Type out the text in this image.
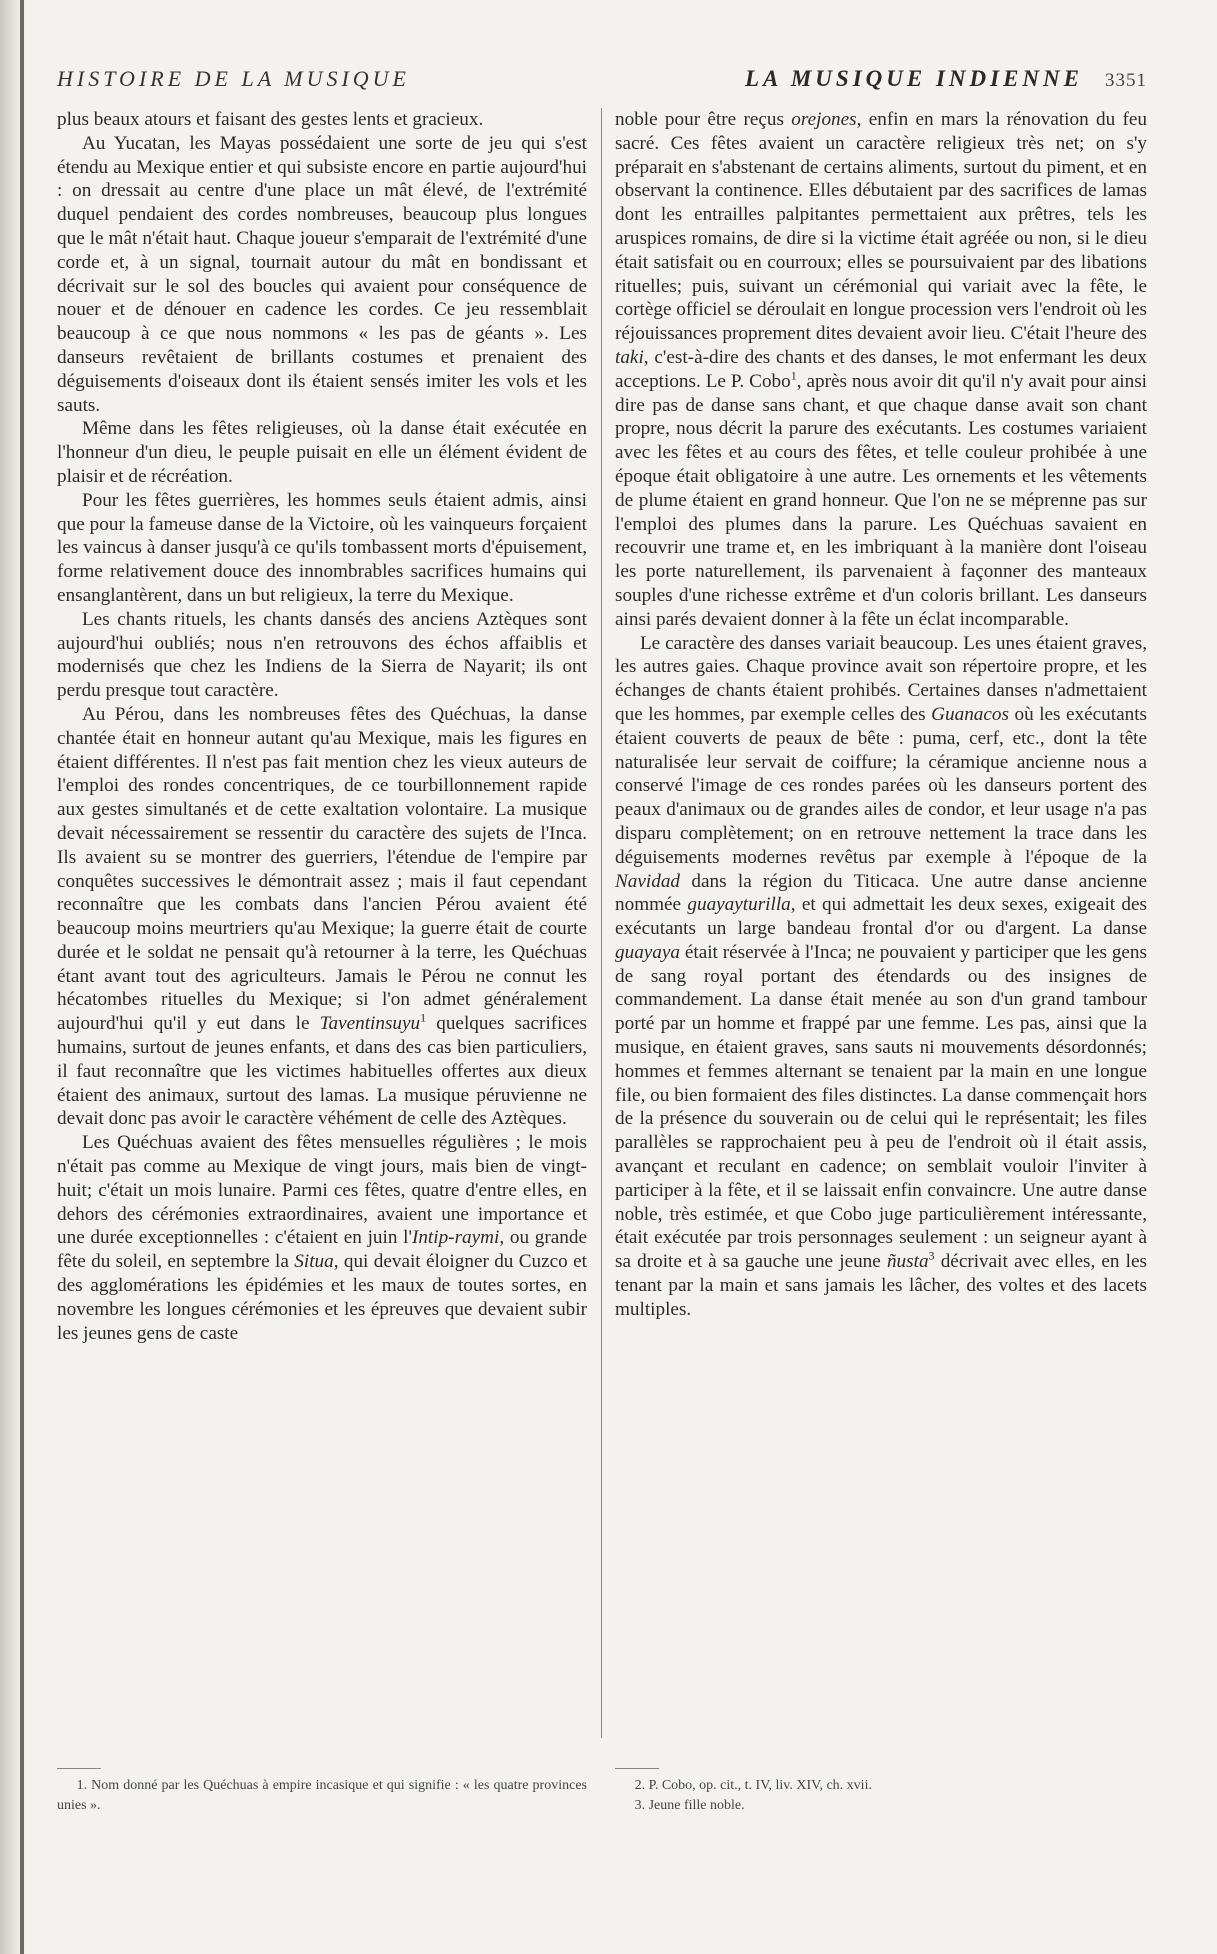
HISTOIRE DE LA MUSIQUE	LA MUSIQUE INDIENNE 3351

plus beaux atours et faisant des gestes lents et gracieux.

Au Yucatan, les Mayas possédaient une sorte de jeu qui s'est étendu au Mexique entier et qui subsiste encore en partie aujourd'hui : on dressait au centre d'une place un mât élevé, de l'extrémité duquel pendaient des cordes nombreuses, beaucoup plus longues que le mât n'était haut. Chaque joueur s'emparait de l'extrémité d'une corde et, à un signal, tournait autour du mât en bondissant et décrivait sur le sol des boucles qui avaient pour conséquence de nouer et de dénouer en cadence les cordes. Ce jeu ressemblait beaucoup à ce que nous nommons « les pas de géants ». Les danseurs revêtaient de brillants costumes et prenaient des déguisements d'oiseaux dont ils étaient sensés imiter les vols et les sauts.

Même dans les fêtes religieuses, où la danse était exécutée en l'honneur d'un dieu, le peuple puisait en elle un élément évident de plaisir et de récréation.

Pour les fêtes guerrières, les hommes seuls étaient admis, ainsi que pour la fameuse danse de la Victoire, où les vainqueurs forçaient les vaincus à danser jusqu'à ce qu'ils tombassent morts d'épuisement, forme relativement douce des innombrables sacrifices humains qui ensanglantèrent, dans un but religieux, la terre du Mexique.

Les chants rituels, les chants dansés des anciens Aztèques sont aujourd'hui oubliés; nous n'en retrouvons des échos affaiblis et modernisés que chez les Indiens de la Sierra de Nayarit; ils ont perdu presque tout caractère.

Au Pérou, dans les nombreuses fêtes des Quéchuas, la danse chantée était en honneur autant qu'au Mexique, mais les figures en étaient différentes. Il n'est pas fait mention chez les vieux auteurs de l'emploi des rondes concentriques, de ce tourbillonnement rapide aux gestes simultanés et de cette exaltation volontaire. La musique devait nécessairement se ressentir du caractère des sujets de l'Inca. Ils avaient su se montrer des guerriers, l'étendue de l'empire par conquêtes successives le démontrait assez ; mais il faut cependant reconnaître que les combats dans l'ancien Pérou avaient été beaucoup moins meurtriers qu'au Mexique; la guerre était de courte durée et le soldat ne pensait qu'à retourner à la terre, les Quéchuas étant avant tout des agriculteurs. Jamais le Pérou ne connut les hécatombes rituelles du Mexique; si l'on admet généralement aujourd'hui qu'il y eut dans le Taventinsuyu$^1$ quelques sacrifices humains, surtout de jeunes enfants, et dans des cas bien particuliers, il faut reconnaître que les victimes habituelles offertes aux dieux étaient des animaux, surtout des lamas. La musique péruvienne ne devait donc pas avoir le caractère véhément de celle des Aztèques.

Les Quéchuas avaient des fêtes mensuelles régulières ; le mois n'était pas comme au Mexique de vingt jours, mais bien de vingt-huit; c'était un mois lunaire. Parmi ces fêtes, quatre d'entre elles, en dehors des cérémonies extraordinaires, avaient une importance et une durée exceptionnelles : c'étaient en juin l'Intip-raymi, ou grande fête du soleil, en septembre la Situa, qui devait éloigner du Cuzco et des agglomérations les épidémies et les maux de toutes sortes, en novembre les longues cérémonies et les épreuves que devaient subir les jeunes gens de caste

noble pour être reçus orejones, enfin en mars la rénovation du feu sacré. Ces fêtes avaient un caractère religieux très net; on s'y préparait en s'abstenant de certains aliments, surtout du piment, et en observant la continence. Elles débutaient par des sacrifices de lamas dont les entrailles palpitantes permettaient aux prêtres, tels les aruspices romains, de dire si la victime était agréée ou non, si le dieu était satisfait ou en courroux; elles se poursuivaient par des libations rituelles; puis, suivant un cérémonial qui variait avec la fête, le cortège officiel se déroulait en longue procession vers l'endroit où les réjouissances proprement dites devaient avoir lieu. C'était l'heure des taki, c'est-à-dire des chants et des danses, le mot enfermant les deux acceptions. Le P. Cobo$^1$, après nous avoir dit qu'il n'y avait pour ainsi dire pas de danse sans chant, et que chaque danse avait son chant propre, nous décrit la parure des exécutants. Les costumes variaient avec les fêtes et au cours des fêtes, et telle couleur prohibée à une époque était obligatoire à une autre. Les ornements et les vêtements de plume étaient en grand honneur. Que l'on ne se méprenne pas sur l'emploi des plumes dans la parure. Les Quéchuas savaient en recouvrir une trame et, en les imbriquant à la manière dont l'oiseau les porte naturellement, ils parvenaient à façonner des manteaux souples d'une richesse extrême et d'un coloris brillant. Les danseurs ainsi parés devaient donner à la fête un éclat incomparable.

Le caractère des danses variait beaucoup. Les unes étaient graves, les autres gaies. Chaque province avait son répertoire propre, et les échanges de chants étaient prohibés. Certaines danses n'admettaient que les hommes, par exemple celles des Guanacos où les exécutants étaient couverts de peaux de bête : puma, cerf, etc., dont la tête naturalisée leur servait de coiffure; la céramique ancienne nous a conservé l'image de ces rondes parées où les danseurs portent des peaux d'animaux ou de grandes ailes de condor, et leur usage n'a pas disparu complètement; on en retrouve nettement la trace dans les déguisements modernes revêtus par exemple à l'époque de la Navidad dans la région du Titicaca. Une autre danse ancienne nommée guayayturilla, et qui admettait les deux sexes, exigeait des exécutants un large bandeau frontal d'or ou d'argent. La danse guayaya était réservée à l'Inca; ne pouvaient y participer que les gens de sang royal portant des étendards ou des insignes de commandement. La danse était menée au son d'un grand tambour porté par un homme et frappé par une femme. Les pas, ainsi que la musique, en étaient graves, sans sauts ni mouvements désordonnés; hommes et femmes alternant se tenaient par la main en une longue file, ou bien formaient des files distinctes. La danse commençait hors de la présence du souverain ou de celui qui le représentait; les files parallèles se rapprochaient peu à peu de l'endroit où il était assis, avançant et reculant en cadence; on semblait vouloir l'inviter à participer à la fête, et il se laissait enfin convaincre. Une autre danse noble, très estimée, et que Cobo juge particulièrement intéressante, était exécutée par trois personnages seulement : un seigneur ayant à sa droite et à sa gauche une jeune ñusta$^3$ décrivait avec elles, en les tenant par la main et sans jamais les lâcher, des voltes et des lacets multiples.

1. Nom donné par les Quéchuas à empire incasique et qui signifie : « les quatre provinces unies ».

2. P. Cobo, op. cit., t. IV, liv. XIV, ch. xvii.

3. Jeune fille noble.
